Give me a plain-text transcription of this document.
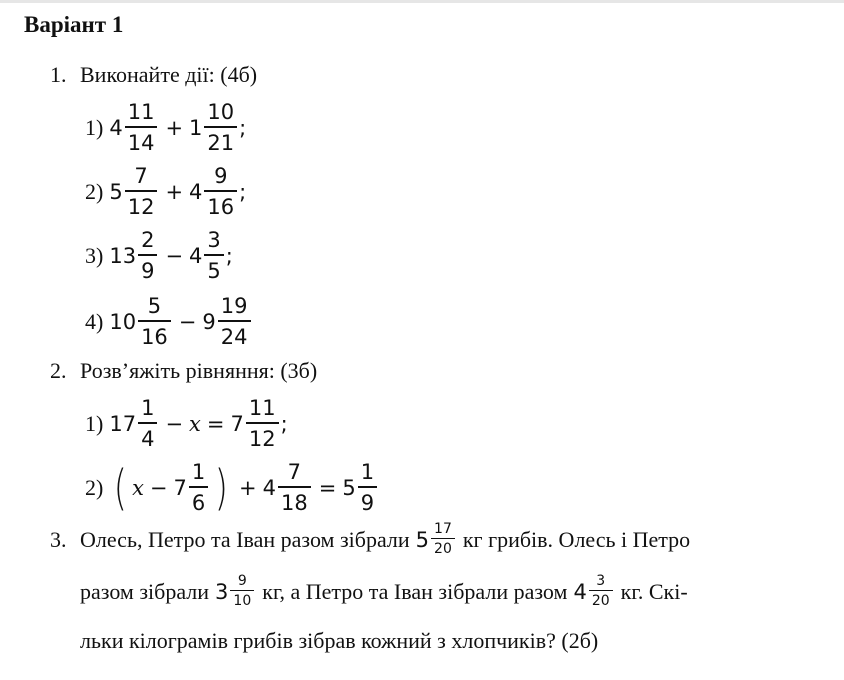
Варіант 1
1. Виконайте дії: (4б)
1) $4 \frac{11}{14} + 1 \frac{10}{21}$ ;
2) $5 \frac{7}{12} + 4 \frac{9}{16}$ ;
3) $13 \frac{2}{9} - 4 \frac{3}{5}$ ;
4) $10 \frac{5}{16} - 9 \frac{19}{24}$
2. Розв’яжіть рівняння: (3б)
1) $17 \frac{1}{4} - x = 7 \frac{11}{12}$ ;
2) ( $x - 7 \frac{1}{6}$ ) + $4 \frac{7}{18} = 5 \frac{1}{9}$
3. Олесь, Петро та Іван разом зібрали $5 \frac{17}{20}$ кг грибів. Олесь і Петро
разом зібрали $3 \frac{9}{10}$ кг, а Петро та Іван зібрали разом $4 \frac{3}{20}$ кг. Скі-
льки кілограмів грибів зібрав кожний з хлопчиків? (2б)
